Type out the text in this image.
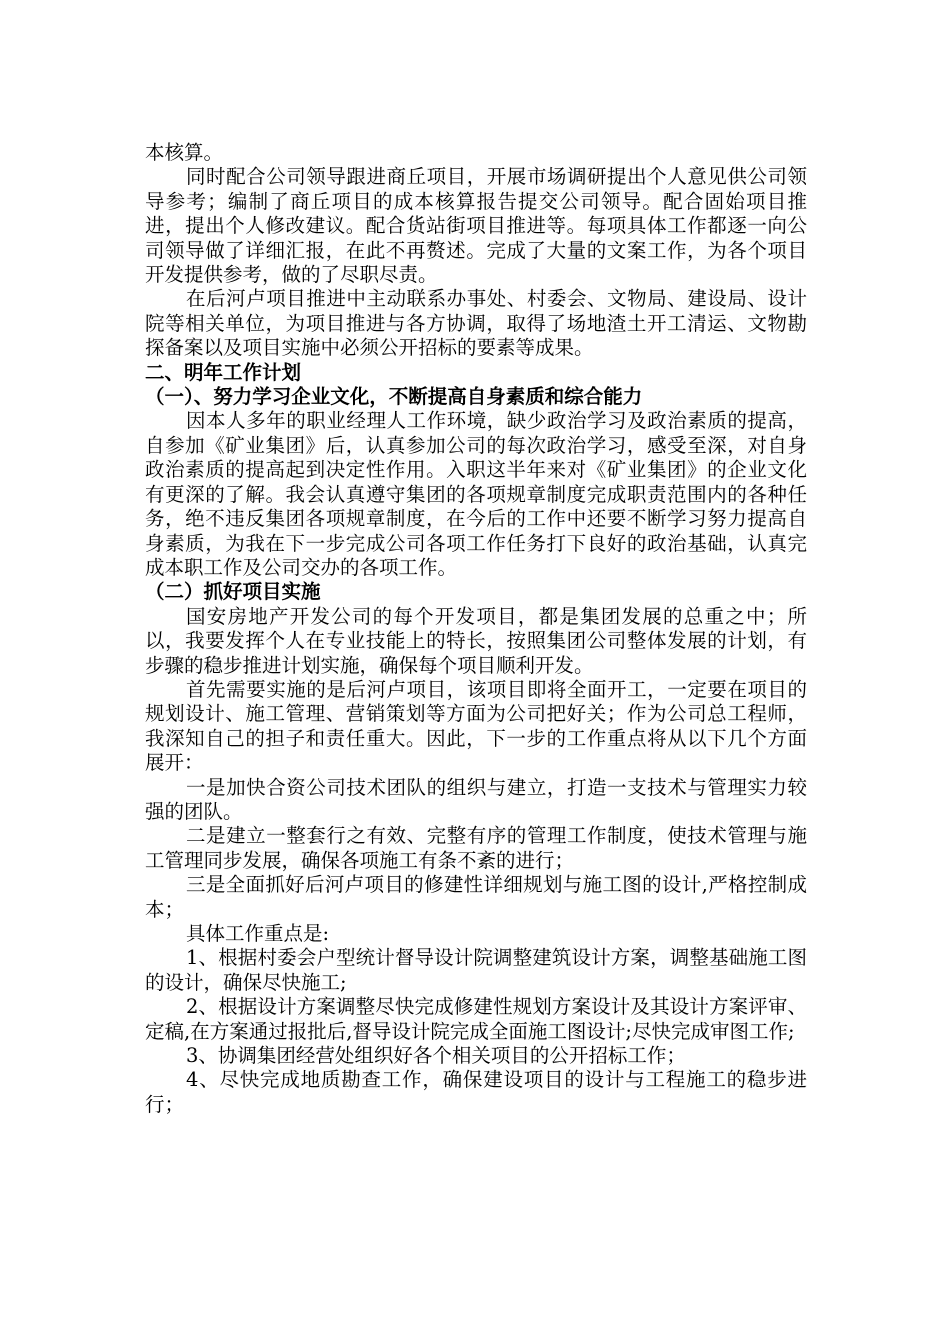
本核算。

同时配合公司领导跟进商丘项目，开展市场调研提出个人意见供公司领导参考；编制了商丘项目的成本核算报告提交公司领导。配合固始项目推进，提出个人修改建议。配合货站街项目推进等。每项具体工作都逐一向公司领导做了详细汇报，在此不再赘述。完成了大量的文案工作，为各个项目开发提供参考，做的了尽职尽责。

在后河卢项目推进中主动联系办事处、村委会、文物局、建设局、设计院等相关单位，为项目推进与各方协调，取得了场地渣土开工清运、文物勘探备案以及项目实施中必须公开招标的要素等成果。

二、明年工作计划
（一）、努力学习企业文化，不断提高自身素质和综合能力

因本人多年的职业经理人工作环境，缺少政治学习及政治素质的提高，自参加《矿业集团》后，认真参加公司的每次政治学习，感受至深，对自身政治素质的提高起到决定性作用。入职这半年来对《矿业集团》的企业文化有更深的了解。我会认真遵守集团的各项规章制度完成职责范围内的各种任务，绝不违反集团各项规章制度，在今后的工作中还要不断学习努力提高自身素质，为我在下一步完成公司各项工作任务打下良好的政治基础，认真完成本职工作及公司交办的各项工作。

（二）抓好项目实施

国安房地产开发公司的每个开发项目，都是集团发展的总重之中；所以，我要发挥个人在专业技能上的特长，按照集团公司整体发展的计划，有步骤的稳步推进计划实施，确保每个项目顺利开发。

首先需要实施的是后河卢项目，该项目即将全面开工，一定要在项目的规划设计、施工管理、营销策划等方面为公司把好关；作为公司总工程师，我深知自己的担子和责任重大。因此，下一步的工作重点将从以下几个方面展开：

一是加快合资公司技术团队的组织与建立，打造一支技术与管理实力较强的团队。

二是建立一整套行之有效、完整有序的管理工作制度，使技术管理与施工管理同步发展，确保各项施工有条不紊的进行；

三是全面抓好后河卢项目的修建性详细规划与施工图的设计,严格控制成本；

具体工作重点是:

1、根据村委会户型统计督导设计院调整建筑设计方案，调整基础施工图的设计，确保尽快施工;

2、根据设计方案调整尽快完成修建性规划方案设计及其设计方案评审、定稿,在方案通过报批后,督导设计院完成全面施工图设计;尽快完成审图工作;

3、协调集团经营处组织好各个相关项目的公开招标工作；

4、尽快完成地质勘查工作，确保建设项目的设计与工程施工的稳步进行；
